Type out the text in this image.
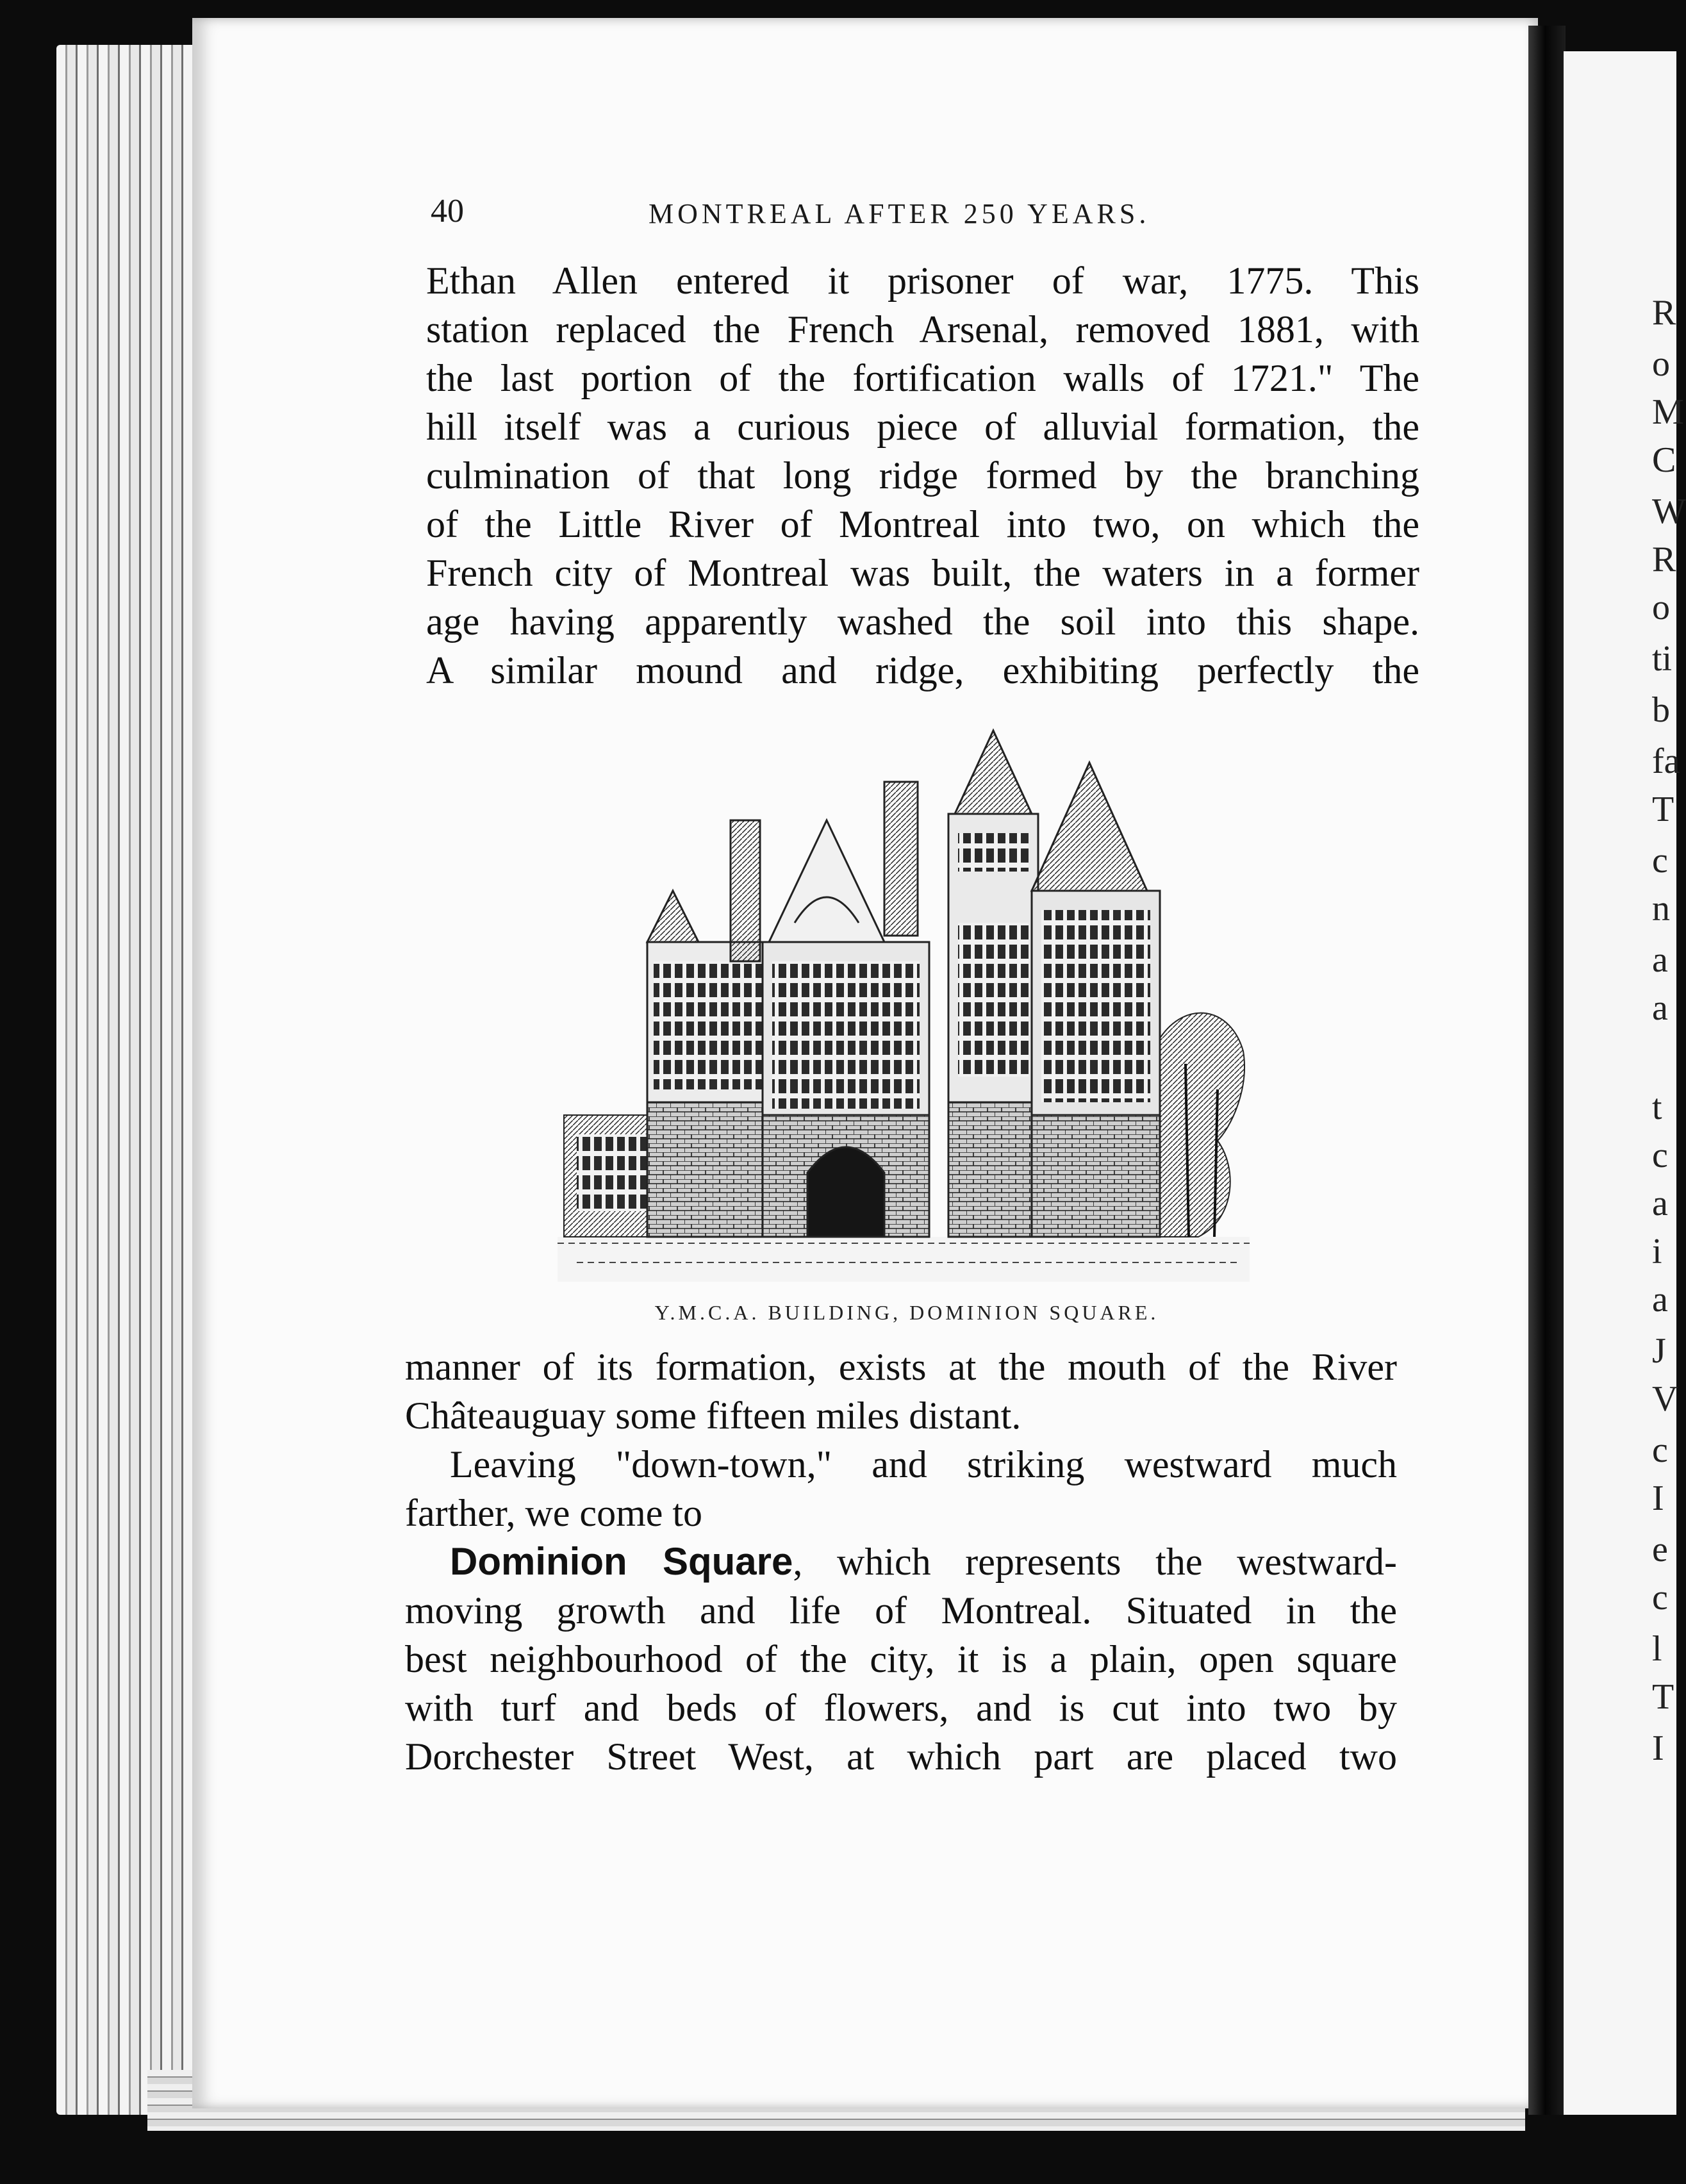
R
o
M
C
W
R
o
ti
b
fa
T
c
n
a
a
t
c
a
i
a
J
V
c
I
e
c
l
T
I
40	MONTREAL AFTER 250 YEARS.
Ethan Allen entered it prisoner of war, 1775. This
station replaced the French Arsenal, removed 1881, with
the last portion of the fortification walls of 1721." The
hill itself was a curious piece of alluvial formation, the
culmination of that long ridge formed by the branching
of the Little River of Montreal into two, on which the
French city of Montreal was built, the waters in a former
age having apparently washed the soil into this shape.
A similar mound and ridge, exhibiting perfectly the
Y.M.C.A. BUILDING, DOMINION SQUARE.
manner of its formation, exists at the mouth of the River
Châteauguay some fifteen miles distant.
Leaving "down-town," and striking westward much
farther, we come to
Dominion Square, which represents the westward-
moving growth and life of Montreal. Situated in the
best neighbourhood of the city, it is a plain, open square
with turf and beds of flowers, and is cut into two by
Dorchester Street West, at which part are placed two
